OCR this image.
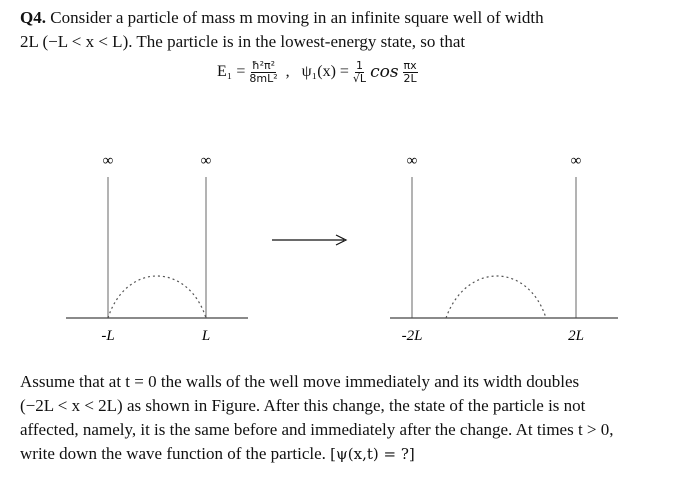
Q4. Consider a particle of mass m moving in an infinite square well of width
2L (−L < x < L). The particle is in the lowest-energy state, so that
$E_1 = \frac{\text{ħ²π²}}{\text{8mL²}}$ , $\psi_1(x) = \frac{1}{√L}$ $\cos \frac{\pi x}{2L}$
∞	∞
-L	L
∞	∞
-2L	2L
Assume that at t = 0 the walls of the well move immediately and its width doubles
(−2L < x < 2L) as shown in Figure. After this change, the state of the particle is not
affected, namely, it is the same before and immediately after the change. At times t > 0,
write down the wave function of the particle. [ψ(x,t) = ?]
